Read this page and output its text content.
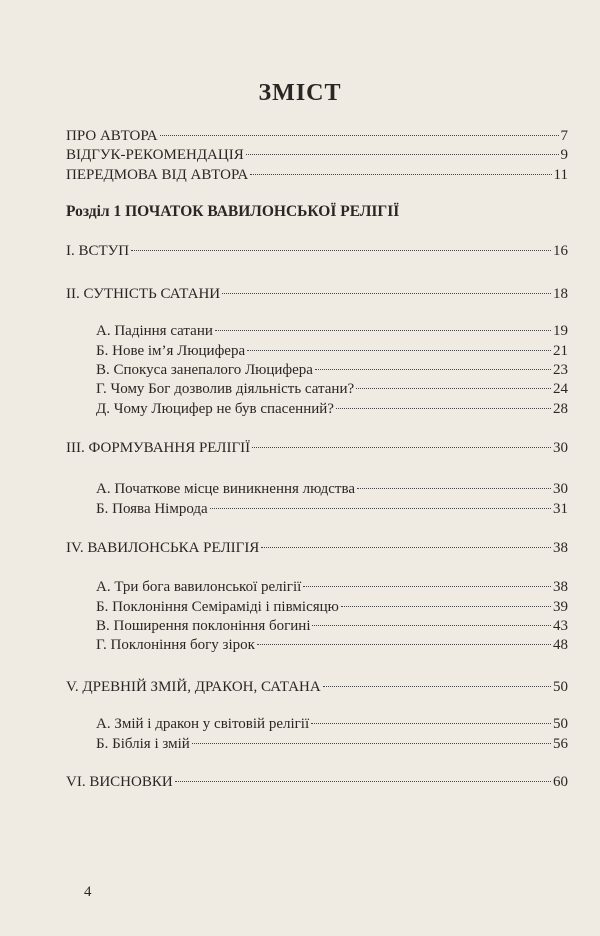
ЗМІСТ
Розділ 1 ПОЧАТОК ВАВИЛОНСЬКОЇ РЕЛІГІЇ
4
ПРО АВТОРА	7
ВІДГУК-РЕКОМЕНДАЦІЯ	9
ПЕРЕДМОВА ВІД АВТОРА	11
I. ВСТУП	16
II. СУТНІСТЬ САТАНИ	18
А. Падіння сатани	19
Б. Нове ім’я Люцифера	21
В. Спокуса занепалого Люцифера	23
Г. Чому Бог дозволив діяльність сатани?	24
Д. Чому Люцифер не був спасенний?	28
III. ФОРМУВАННЯ РЕЛІГІЇ	30
А. Початкове місце виникнення людства	30
Б. Поява Німрода	31
IV. ВАВИЛОНСЬКА РЕЛІГІЯ	38
А. Три бога вавилонської релігії	38
Б. Поклоніння Семіраміді і півмісяцю	39
В. Поширення поклоніння богині	43
Г. Поклоніння богу зірок	48
V. ДРЕВНІЙ ЗМІЙ, ДРАКОН, САТАНА	50
А. Змій і дракон у світовій релігії	50
Б. Біблія і змій	56
VI. ВИСНОВКИ	60
